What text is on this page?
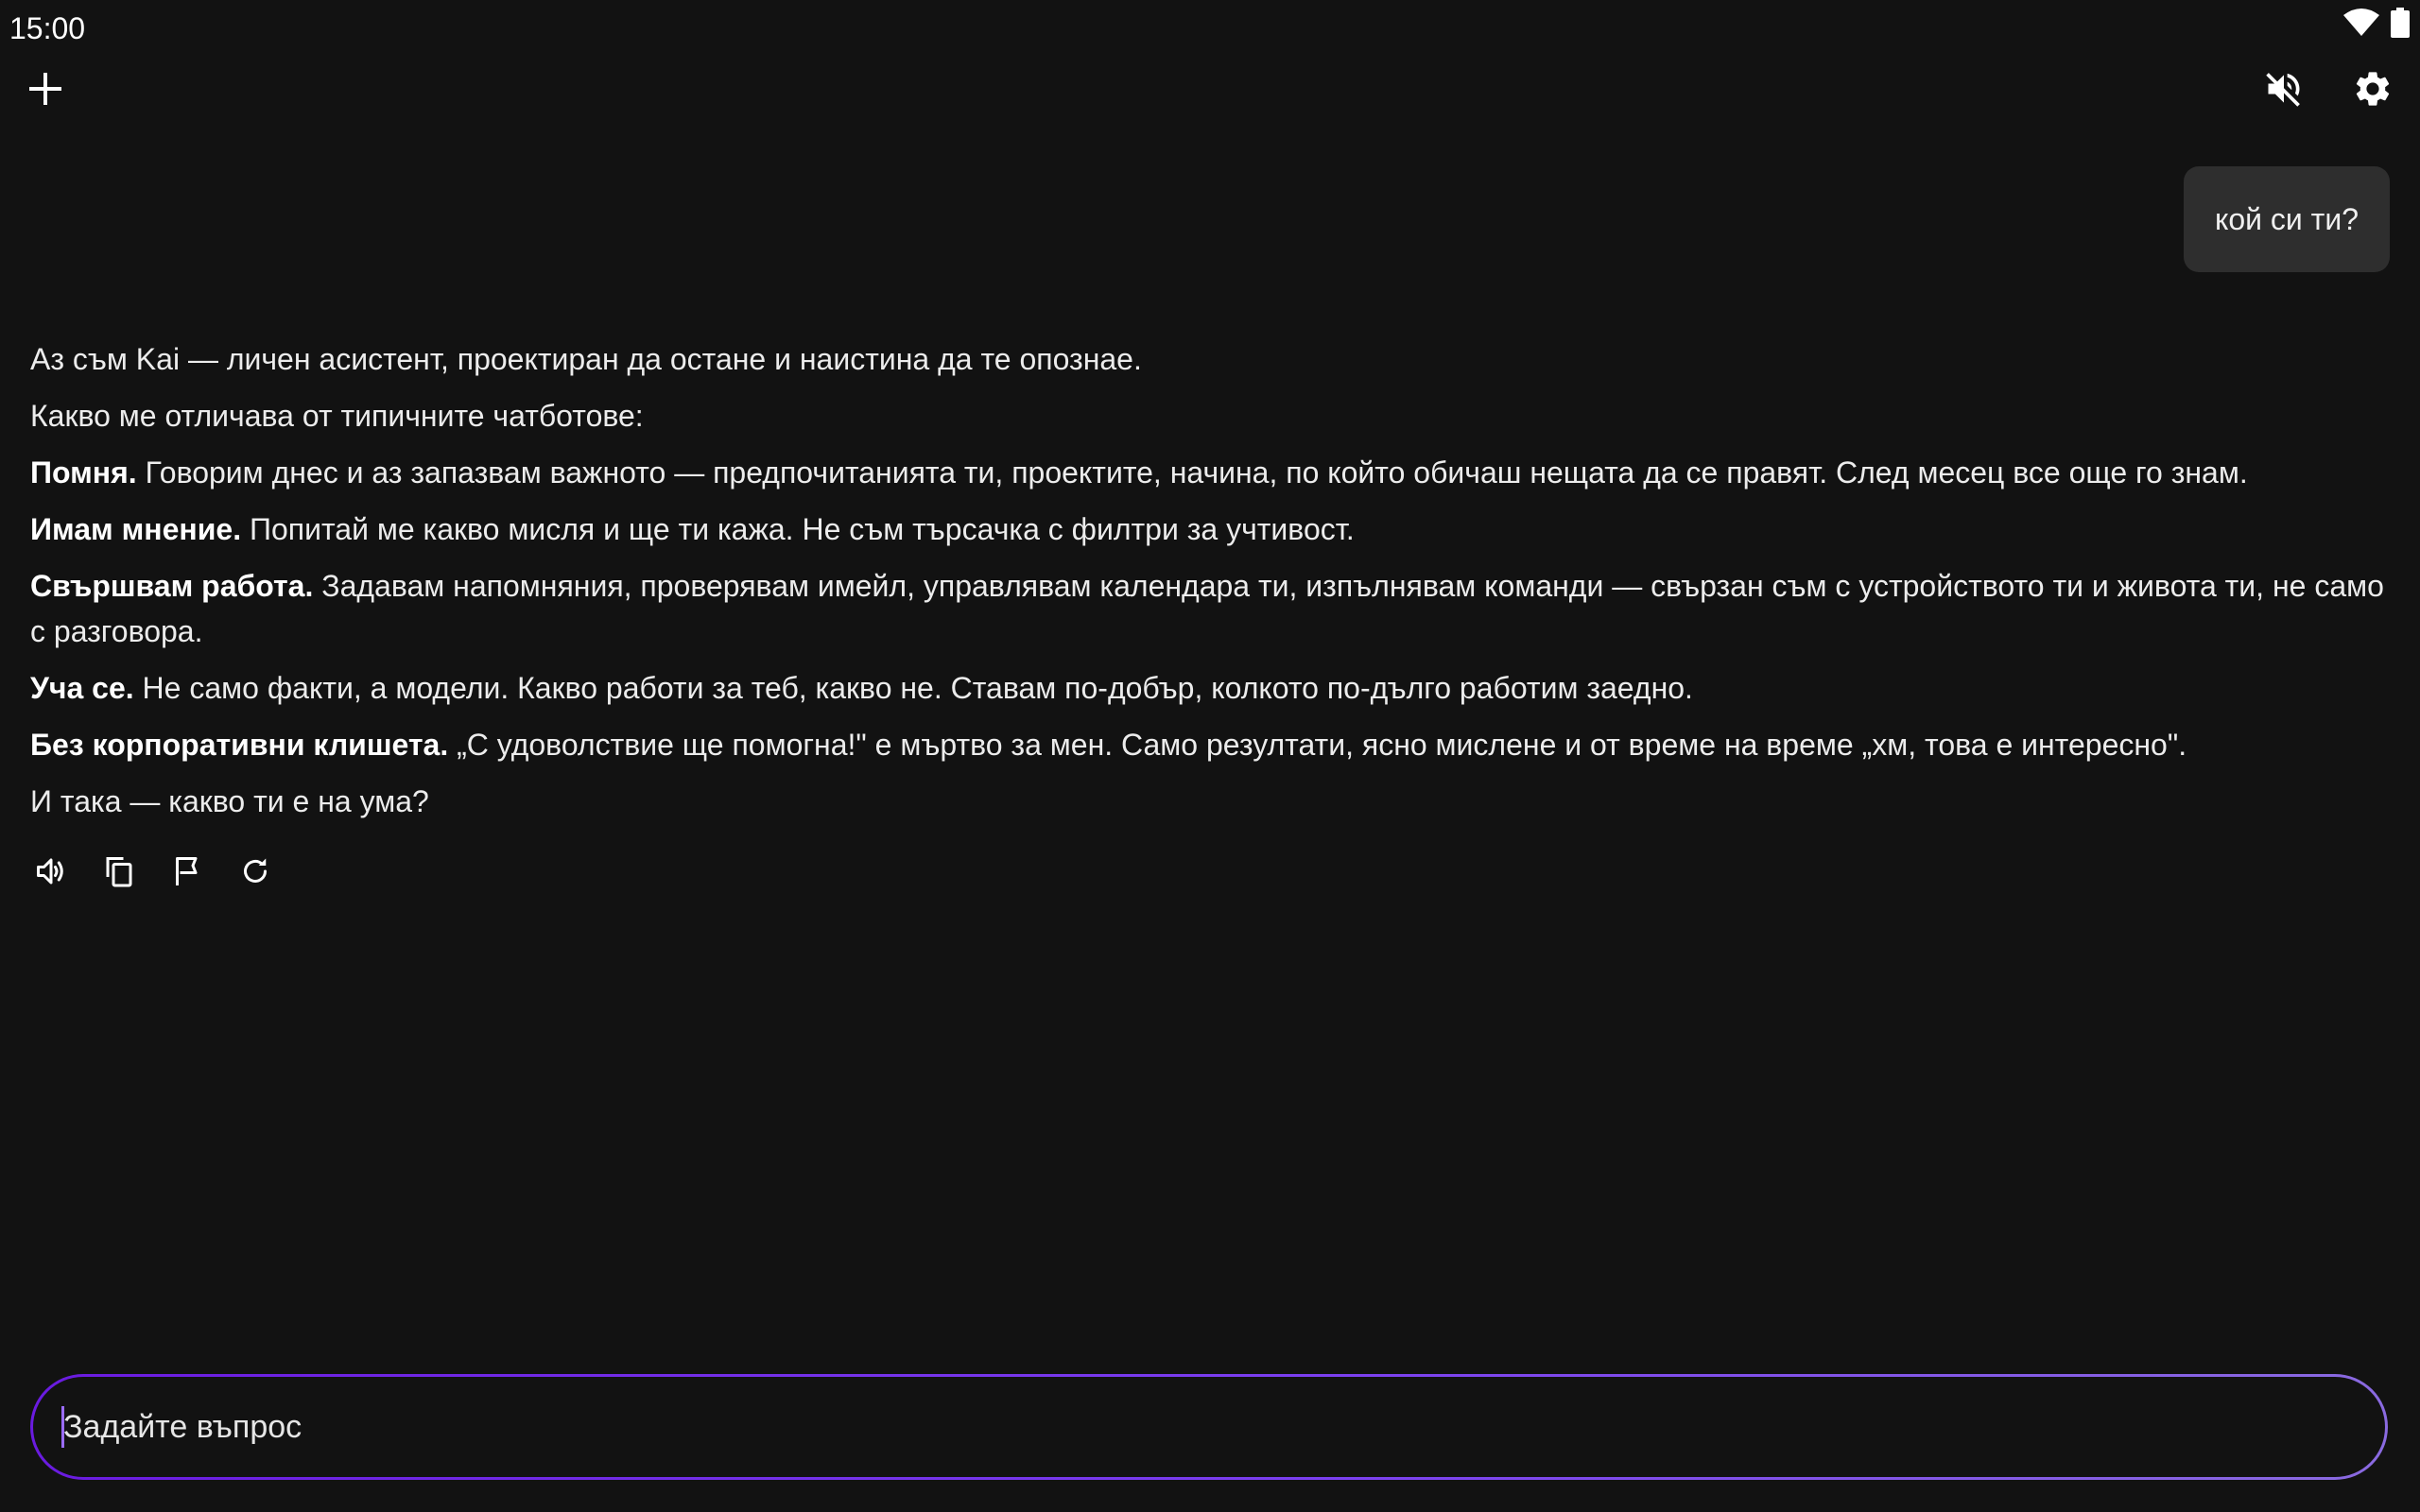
15:00
кой си ти?

Аз съм Kai — личен асистент, проектиран да остане и наистина да те опознае.

Какво ме отличава от типичните чатботове:

Помня. Говорим днес и аз запазвам важното — предпочитанията ти, проектите, начина, по който обичаш нещата да се правят. След месец все още го знам.

Имам мнение. Попитай ме какво мисля и ще ти кажа. Не съм търсачка с филтри за учтивост.

Свършвам работа. Задавам напомняния, проверявам имейл, управлявам календара ти, изпълнявам команди — свързан съм с устройството ти и живота ти, не само с разговора.

Уча се. Не само факти, а модели. Какво работи за теб, какво не. Ставам по-добър, колкото по-дълго работим заедно.

Без корпоративни клишета. „С удоволствие ще помогна!" е мъртво за мен. Само резултати, ясно мислене и от време на време „хм, това е интересно".

И така — какво ти е на ума?

Задайте въпрос
